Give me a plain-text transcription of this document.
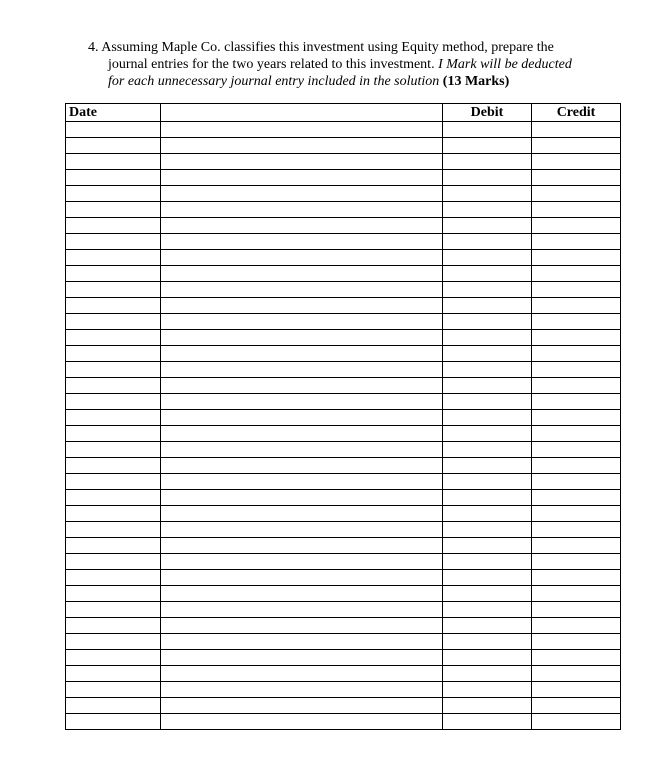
4. Assuming Maple Co. classifies this investment using Equity method, prepare the
journal entries for the two years related to this investment. I Mark will be deducted
for each unnecessary journal entry included in the solution (13 Marks)
Date		Debit	Credit
